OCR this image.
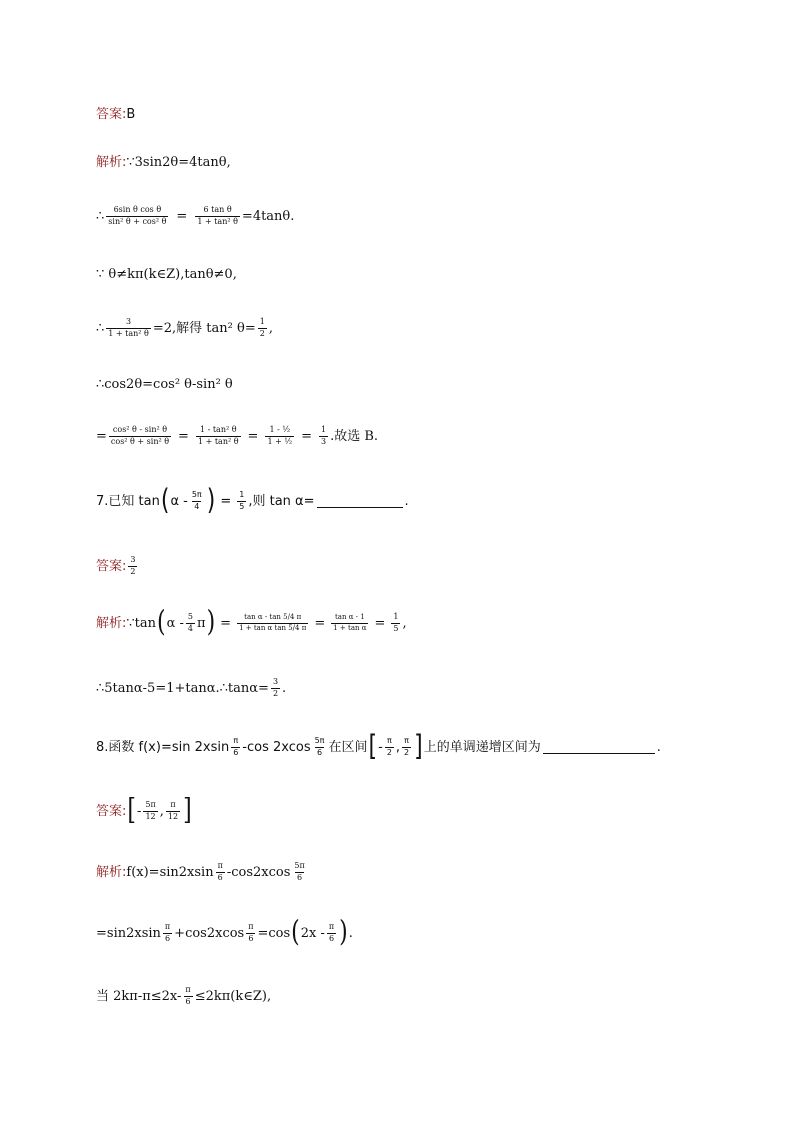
答案: B
解析: ∵3sin2θ=4tanθ,
∴ $\frac{\text{6sin θ cos θ}}{\text{sin² θ + cos² θ}} = \frac{\text{6 tan θ}}{\text{1 + tan² θ}} =4\tan\theta$.
∵ θ≠kπ(k∈Z),tanθ≠0,
∴ $\frac{3}{\text{1 + tan² θ}} =2$,解得 tan² $\theta= \frac{1}{2}$ ,
∴cos2θ=cos² θ-sin² θ
= $\frac{\text{cos² θ - sin² θ}}{\text{cos² θ + sin² θ}} = \frac{\text{1 - tan² θ}}{\text{1 + tan² θ}} = \frac{\text{1 - ½}}{\text{1 + ½}} = \frac{1}{3}$ .故选 B.
7.已知 tan ( α - $\frac{5\pi}{4}$ ) = $\frac{1}{5}$ ,则 tan α=	.
答案: $\frac{3}{2}$
解析: ∵tan ( α - $\frac{5}{4}$ π ) = $\frac{\text{tan α - tan 5/4 π}}{\text{1 + tan α tan 5/4 π}} = \frac{\text{tan α - 1}}{\text{1 + tan α}} = \frac{1}{5}$ ,
∴5tanα-5=1+tanα.∴tanα= $\frac{3}{2}$ .
8.函数 f(x)=sin $2xsin \frac{\pi}{6} -\cos$ $2xcos \frac{5\pi}{6}$ 在区间 [ - $\frac{\pi}{2}$ , $\frac{\pi}{2}$ ] 上的单调递增区间为	.
答案: [ - $\frac{5\pi}{12}$ , $\frac{\pi}{12}$ ]
解析: $f(x)=\sin 2xsin \frac{\pi}{6} -\cos 2xcos \frac{5\pi}{6}$
$=\sin 2xsin \frac{\pi}{6} +\cos 2xcos \frac{\pi}{6} =\cos$ ( $2x - \frac{\pi}{6}$ ) .
当 $2k\pi-\pi\le 2x- \frac{\pi}{6}$ ≤2kπ(k∈Z),
